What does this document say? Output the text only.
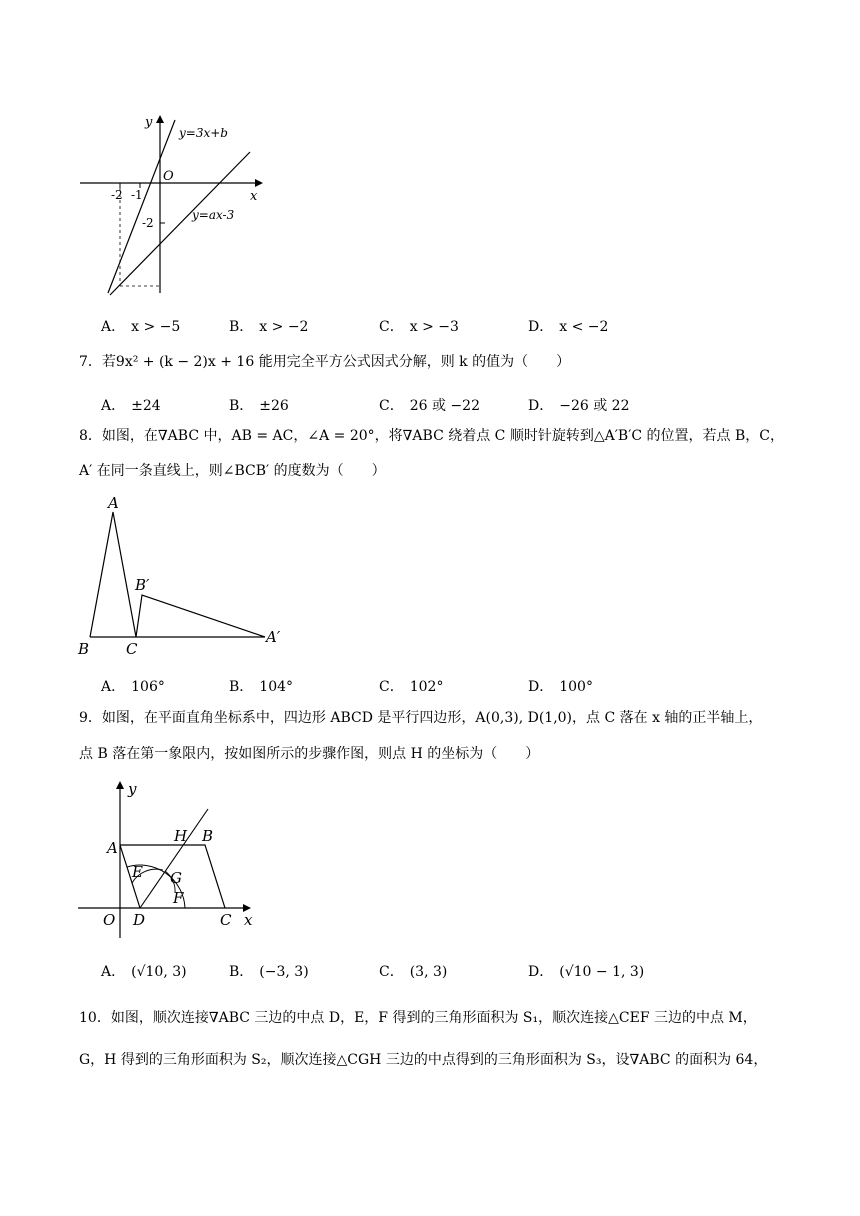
y
x
O
y=3x+b
y=ax-3
-2 -1
-2
A． x > −5	B． x > −2	C． x > −3	D． x < −2
7．若9x² + (k − 2)x + 16 能用完全平方公式因式分解，则 k 的值为（　　）
A． ±24	B． ±26	C． 26 或 −22	D． −26 或 22
8．如图，在∇ABC 中，AB = AC，∠A = 20°，将∇ABC 绕着点 C 顺时针旋转到△A′B′C 的位置，若点 B，C，
A′ 在同一条直线上，则∠BCB′ 的度数为（　　）
A
B C
B′
A′
A． 106°	B． 104°	C． 102°	D． 100°
9．如图，在平面直角坐标系中，四边形 ABCD 是平行四边形，A(0,3), D(1,0)，点 C 落在 x 轴的正半轴上，
点 B 落在第一象限内，按如图所示的步骤作图，则点 H 的坐标为（　　）
y
x
O
A
B
C
D
E
F
G
H
A． (√10, 3)	B． (−3, 3)	C． (3, 3)	D． (√10 − 1, 3)
10．如图，顺次连接∇ABC 三边的中点 D，E，F 得到的三角形面积为 S₁，顺次连接△CEF 三边的中点 M，
G，H 得到的三角形面积为 S₂，顺次连接△CGH 三边的中点得到的三角形面积为 S₃，设∇ABC 的面积为 64，
